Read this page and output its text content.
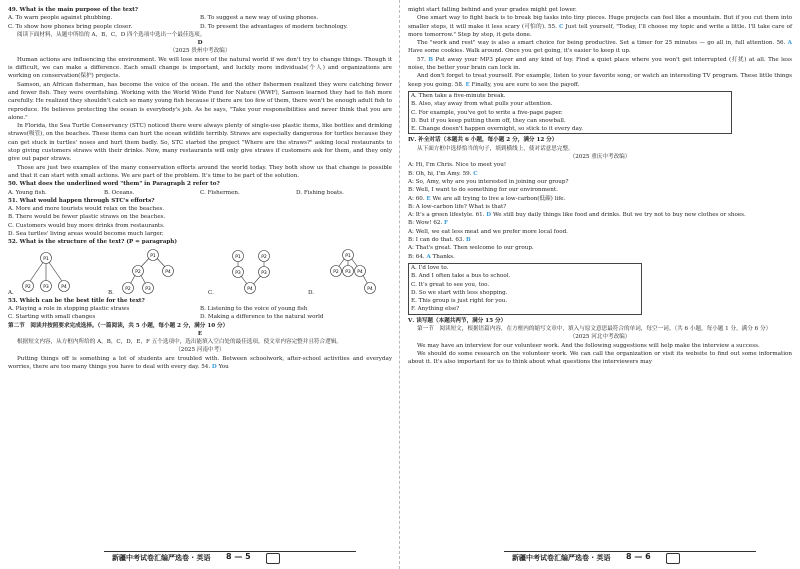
49. What is the main purpose of the text?

A. To warn people against phubbing.	B. To suggest a new way of using phones.
C. To show how phones bring people closer.	D. To present the advantages of modern technology.

阅读下面材料，从题中所给的 A，B，C，D 四个选项中选出一个最佳选项。

D

（2025 贵州中考改编）

Human actions are influencing the environment. We will lose more of the natural world if we don't try to change things. Though it is difficult, we can make a difference. Each small change is important, and luckily more individuals(个人) and organizations are working on conservation(保护) projects.

Samson, an African fisherman, has become the voice of the ocean. He and the other fishermen realized they were catching fewer and fewer fish. They were overfishing. Working with the World Wide Fund for Nature (WWF), Samson learned they had to fish more carefully. He realized they shouldn't catch so many young fish because if there are too few of them, there won't be enough adult fish to reproduce. He believes protecting the ocean is everybody's job. As he says, "Take your responsibilities and never think that you are alone."

In Florida, the Sea Turtle Conservancy (STC) noticed there were always plenty of single-use plastic items, like bottles and drinking straws(吸管), on the beaches. These items can hurt the ocean wildlife terribly. Straws are especially dangerous for turtles because they can get stuck in turtles' noses and hurt them badly. So, STC started the project "Where are the straws?" asking local restaurants to stop giving customers straws with their drinks. Now, many restaurants will only give straws if customers ask for them, and they only give out paper straws.

Those are just two examples of the many conservation efforts around the world today. They both show us that change is possible and that it can start with small actions. We are part of the problem. It's time to be part of the solution.

50. What does the underlined word "them" in Paragraph 2 refer to?

A. Young fish.	B. Oceans.	C. Fishermen.	D. Fishing boats.

51. What would happen through STC's efforts?

A. More and more tourists would relax on the beaches.
B. There would be fewer plastic straws on the beaches.
C. Customers would buy more drinks from restaurants.
D. Sea turtles' living areas would become much larger.

52. What is the structure of the text? (P = paragraph)

A.
P1
P2	P3	P4
B.
P1
P2	P4
P2	P3
C.
P1	P2
P3	P3
P4
D.
P1
P2 P3 P4
P4

53. Which can be the best title for the text?

A. Playing a role in stopping plastic straws	B. Listening to the voice of young fish
C. Starting with small changes	D. Making a difference to the natural world

第二节　阅读并按照要求完成选择。（一篇阅读，共 5 小题，每小题 2 分，满分 10 分）

E

根据短文内容，从方框内所给的 A，B，C，D，E，F 五个选项中，选出能填入空白处的最佳选项，使文章内容完整并且符合逻辑。

（2025 河南中考）

Putting things off is something a lot of students are troubled with. Between schoolwork, after-school activities and everyday worries, there are too many things you have to deal with every day. 54. D You

新疆中考试卷汇编严选卷 · 英语 8 — 5

might start falling behind and your grades might get lower.

One smart way to fight back is to break big tasks into tiny pieces. Huge projects can feel like a mountain. But if you cut them into smaller steps, it will make it less scary (可怕的). 55. C Just tell yourself, "Today, I'll choose my topic and write a little. I'll take care of more tomorrow." Step by step, it gets done.

The "work and rest" way is also a smart choice for being productive. Set a timer for 25 minutes — go all in, full attention. 56. A Have some cookies. Walk around. Once you get going, it's easier to keep it up.

57. B Put away your MP3 player and any kind of toy. Find a quiet place where you won't get interrupted (打扰) at all. The less noise, the better your brain can lock in.

And don't forget to treat yourself. For example, listen to your favorite song, or watch an interesting TV program. These little things keep you going. 58. E Finally, you are sure to see the payoff.

A. Then take a five-minute break.

B. Also, stay away from what pulls your attention.

C. For example, you've got to write a five-page paper.

D. But if you keep putting them off, they can snowball.

E. Change doesn't happen overnight, so stick to it every day.

Ⅳ. 补全对话（本题共 6 小题，每小题 2 分，满分 12 分）

从下面方框中选择恰当的句子，填到横线上，使对话意思完整。

（2025 重庆中考改编）

A: Hi, I'm Chris. Nice to meet you!

B: Oh, hi, I'm Amy. 59. C

A: So, Amy, why are you interested in joining our group?

B: Well, I want to do something for our environment.

A: 60. E We are all trying to live a low-carbon(低碳) life.

B: A low-carbon life? What is that?

A: It's a green lifestyle. 61. D We still buy daily things like food and drinks. But we try not to buy new clothes or shoes.

B: Wow! 62. F

A: Well, we eat less meat and we prefer more local food.

B: I can do that. 63. B

A: That's great. Then welcome to our group.

B: 64. A Thanks.

A. I'd love to.

B. And I often take a bus to school.

C. It's great to see you, too.

D. So we start with less shopping.

E. This group is just right for you.

F. Anything else?

Ⅴ. 读写题（本题共两节，满分 15 分）

第一节　阅读短文，根据语篇内容，在方框内的缩写文章中，填入与原文意思最符合的单词，每空一词。（共 6 小题，每小题 1 分，满分 6 分）

（2025 河北中考改编）

We may have an interview for our volunteer work. And the following suggestions will help make the interview a success.

We should do some research on the volunteer work. We can call the organization or visit its website to find out some information about it. It's also important for us to think about what questions the interviewers may

新疆中考试卷汇编严选卷 · 英语 8 — 6
